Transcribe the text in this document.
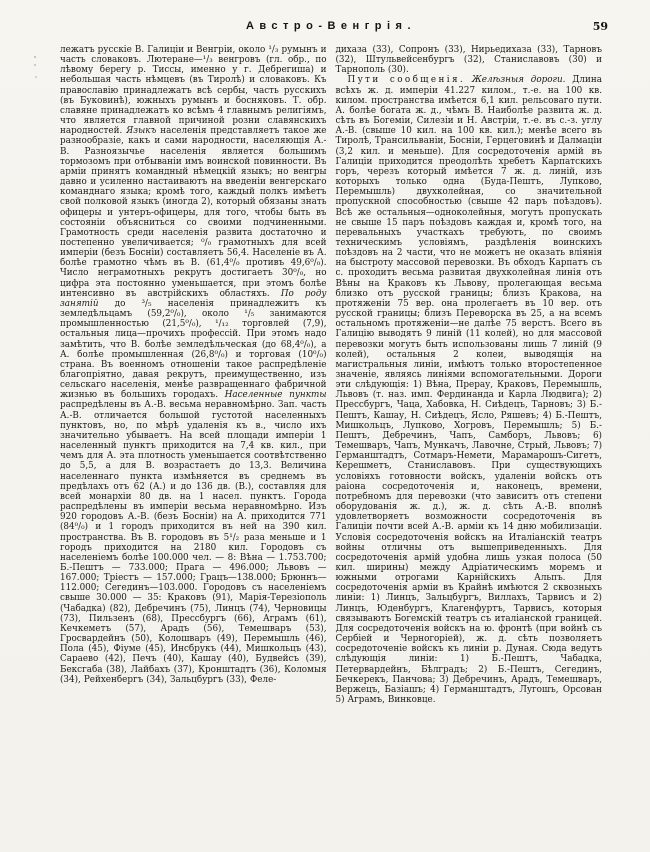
Австро-Венгрія.	59

лежатъ русскіе В. Галиціи и Венгріи, около ¹/₃ румынъ и часть словаковъ. Лютеране—¹/₃ венгровъ (гл. обр., по лѣвому берегу р. Тиссы, именно у г. Дебрегиша) и небольшая часть нѣмцевъ (въ Тиролѣ) и словаковъ. Къ православію принадлежатъ всѣ сербы, часть русскихъ (въ Буковинѣ), южныхъ румынъ и босняковъ. Т. обр. славяне принадлежатъ ко всѣмъ 4 главнымъ религіямъ, что является главной причиной розни славянскихъ народностей. Языкъ населенія представляетъ такое же разнообразіе, какъ и сами народности, населяющія А.-В. Разноязычье населенія является большимъ тормозомъ при отбываніи имъ воинской повинности. Въ арміи принятъ командный нѣмецкій языкъ; но венгры давно и усиленно настаиваютъ на введеніи венгерскаго команднаго языка; кромѣ того, каждый полкъ имѣетъ свой полковой языкъ (иногда 2), который обязаны знать офицеры и унтеръ-офицеры, для того, чтобы быть въ состояніи объясниться со своими подчиненными. Грамотность среди населенія развита достаточно и постепенно увеличивается; ⁰/₀ грамотныхъ для всей имперіи (безъ Босніи) составляетъ 56,4. Населеніе въ А. болѣе грамотно чѣмъ въ В. (61,4⁰/₀ противъ 49,6⁰/₀). Число неграмотныхъ рекрутъ достигаетъ 30⁰/₀, но цифра эта постоянно уменьшается, при этомъ болѣе интенсивно въ австрійскихъ областяхъ. По роду занятій до ³/₅ населенія принадлежитъ къ земледѣльцамъ (59,2⁰/₀), около ¹/₅ занимаются промышленностью (21,5⁰/₀), ¹/₁₂ торговлей (7,9), остальныя лица—прочихъ профессій. При этомъ надо замѣтить, что В. болѣе земледѣльческая (до 68,4⁰/₀), а А. болѣе промышленная (26,8⁰/₀) и торговая (10⁰/₀) страна. Въ военномъ отношеніи такое распредѣленіе благопріятно, давая рекрутъ, преимущественно, изъ сельскаго населенія, менѣе развращеннаго фабричной жизнью въ большихъ городахъ. Населенные пункты распредѣлены въ А.-В. весьма неравномѣрно. Зап. часть А.-В. отличается большой густотой населенныхъ пунктовъ, но, по мѣрѣ удаленія къ в., число ихъ значительно убываетъ. На всей площади имперіи 1 населенный пунктъ приходится на 7,4 кв. кил., при чемъ для А. эта плотность уменьшается соотвѣтственно до 5,5, а для В. возрастаетъ до 13,3. Величина населеннаго пункта измѣняется въ среднемъ въ предѣлахъ отъ 62 (А.) и до 136 дв. (В.), составляя для всей монархіи 80 дв. на 1 насел. пунктъ. Города распредѣлены въ имперіи весьма неравномѣрно. Изъ 920 городовъ А.-В. (безъ Босніи) на А. приходится 771 (84⁰/₀) и 1 городъ приходится въ ней на 390 кил. пространства. Въ В. городовъ въ 5¹/₂ раза меньше и 1 городъ приходится на 2180 кил. Городовъ съ населеніемъ болѣе 100.000 чел. — 8: Вѣна — 1.753.700; Б.-Пештъ — 733.000; Прага — 496.000; Львовъ — 167.000; Тріестъ — 157.000; Грацъ—138.000; Брюннъ—112.000; Сегединъ—103.000. Городовъ съ населеніемъ свыше 30.000 — 35: Краковъ (91), Марія-Терезіополь (Чабадка) (82), Дебречинъ (75), Линцъ (74), Черновицы (73), Пильзенъ (68), Прессбургъ (66), Аграмъ (61), Кечкеметъ (57), Арадъ (56), Темешваръ (53), Гросвардейнъ (50), Колошваръ (49), Перемышль (46), Пола (45), Фіуме (45), Инсбрукъ (44), Мишкольцъ (43), Сараево (42), Печъ (40), Кашау (40), Будвейсъ (39), Бексгаба (38), Лайбахъ (37), Кронштадтъ (36), Коломыя (34), Рейхенбергъ (34), Зальцбургъ (33), Феле-

дихаза (33), Сопронъ (33), Нирьедихаза (33), Тарновъ (32), Штульвейсенбургъ (32), Станиславовъ (30) и Тарнополь (30).

Пути сообщенія. Желѣзныя дороги. Длина всѣхъ ж. д. имперіи 41.227 килом., т.-е. на 100 кв. килом. пространства имѣется 6,1 кил. рельсоваго пути. А. болѣе богата ж. д., чѣмъ В. Наиболѣе развита ж. д. сѣть въ Богеміи, Силезіи и Н. Австріи, т.-е. въ с.-з. углу А.-В. (свыше 10 кил. на 100 кв. кил.); менѣе всего въ Тиролѣ, Трансильваніи, Босніи, Герцеговинѣ и Далмаціи (3,2 кил. и меньше). Для сосредоточенія армій въ Галиціи приходится преодолѣть хребетъ Карпатскихъ горъ, черезъ который имѣется 7 ж. д. линій, изъ которыхъ только одна (Буда-Пештъ, Лупково, Перемышль) двухколейная, со значительной пропускной способностью (свыше 42 паръ поѣздовъ). Всѣ же остальныя—одноколейныя, могутъ пропускать не свыше 15 паръ поѣздовъ каждая и, кромѣ того, на перевальныхъ участкахъ требуютъ, по своимъ техническимъ условіямъ, раздѣленія воинскихъ поѣздовъ на 2 части, что не можетъ не оказать вліянія на быстроту массовой перевозки. Въ обходъ Карпатъ съ с. проходитъ весьма развитая двухколейная линія отъ Вѣны на Краковъ къ Львову, пролегающая весьма близко отъ русской границы; близъ Кракова, на протяженіи 75 вер. она пролегаетъ въ 10 вер. отъ русской границы; близъ Переворска въ 25, а на всемъ остальномъ протяженіи—не далѣе 75 верстъ. Всего въ Галицію выводятъ 9 линій (11 колей), но для массовой перевозки могутъ быть использованы лишь 7 линій (9 колей), остальныя 2 колеи, выводящія на магистральныя линіи, имѣютъ только второстепенное значеніе, являясь линіями вспомогательными. Дороги эти слѣдующія: 1) Вѣна, Прерау, Краковъ, Перемышль, Львовъ (т. наз. имп. Фердинанда и Карла Людвига); 2) Прессбургъ, Чаца, Хабовка, Н. Сиѣдецъ, Тарновъ; 3) Б.-Пештъ, Кашау, Н. Сиѣдецъ, Ясло, Ряшевъ; 4) Б.-Пештъ, Мишкольцъ, Лупково, Хогровъ, Перемышль; 5) Б.-Пештъ, Дебречинъ, Чапъ, Самборъ, Львовъ; 6) Темешваръ, Чапъ, Мункачъ, Лавочне, Стрый, Львовъ; 7) Германштадтъ, Сотмаръ-Немети, Марамарошъ-Сигетъ, Керешметъ, Станиславовъ. При существующихъ условіяхъ готовности войскъ, удаленіи войскъ отъ раіона сосредоточенія и, наконецъ, времени, потребномъ для перевозки (что зависитъ отъ степени оборудованія ж. д.), ж. д. сѣть А.-В. вполнѣ удовлетворяетъ возможности сосредоточенія въ Галиціи почти всей А.-В. арміи къ 14 дню мобилизаціи. Условія сосредоточенія войскъ на Италіанскій театръ войны отличны отъ вышеприведенныхъ. Для сосредоточенія армій удобна лишь узкая полоса (50 кил. ширины) между Адріатическимъ моремъ и южными отрогами Карнійскихъ Альпъ. Для сосредоточенія арміи въ Крайнѣ имѣются 2 сквозныхъ линіи: 1) Линцъ, Зальцбургъ, Виллахъ, Тарвисъ и 2) Линцъ, Юденбургъ, Клагенфуртъ, Тарвисъ, которыя связываютъ Богемскій театръ съ италіанской границей. Для сосредоточенія войскъ на ю. фронтѣ (при войнѣ съ Сербіей и Черногоріей), ж. д. сѣть позволяетъ сосредоточеніе войскъ къ линіи р. Дуная. Сюда ведутъ слѣдующія линіи: 1) Б.-Пештъ, Чабадка, Петервардейнъ, Бѣлградъ; 2) Б.-Пештъ, Сегединъ, Бечкерекъ, Панчова; 3) Дебречинъ, Арадъ, Темешваръ, Вержецъ, Базіашъ; 4) Германштадтъ, Лугошъ, Орсован 5) Аграмъ, Винковце.
